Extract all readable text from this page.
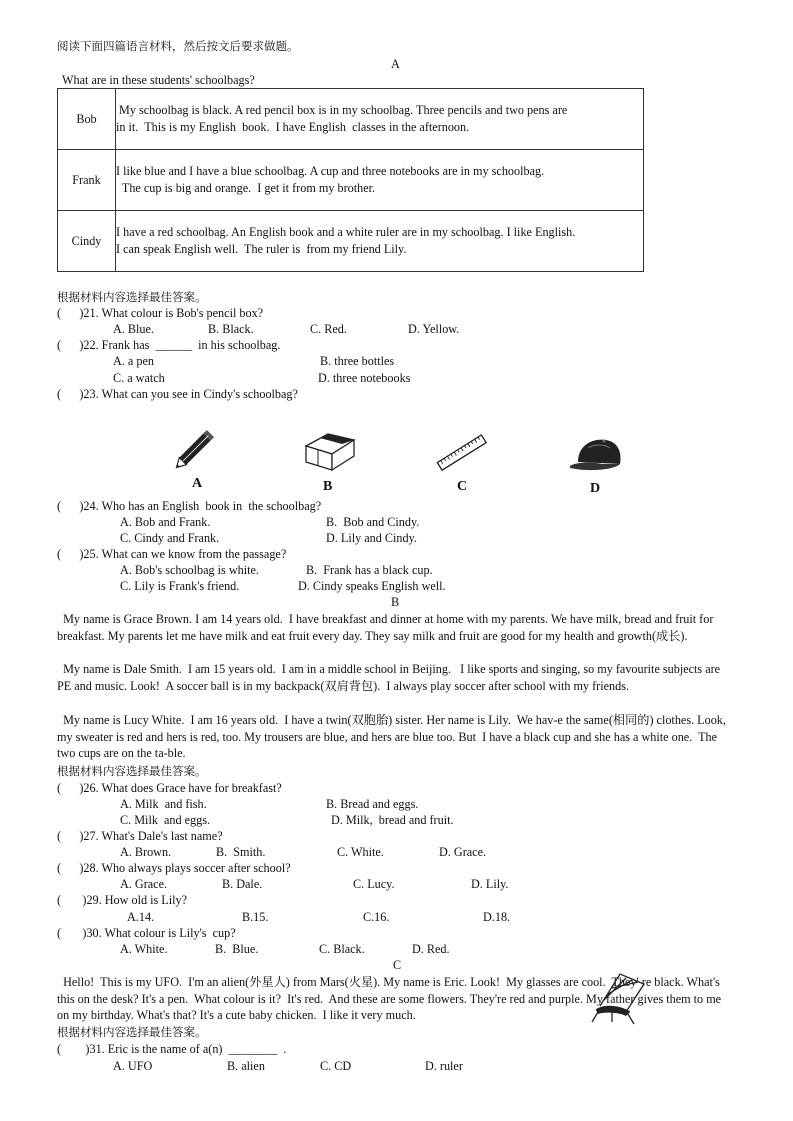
阅读下面四篇语言材料，然后按文后要求做题。
A
What are in these students' schoolbags?
Bob	My schoolbag is black. A red pencil box is in my schoolbag. Three pencils and two pens are
in it.  This is my English  book.  I have English  classes in the afternoon.

Frank	I like blue and I have a blue schoolbag. A cup and three notebooks are in my schoolbag.
The cup is big and orange.  I get it from my brother.

Cindy	I have a red schoolbag. An English book and a white ruler are in my schoolbag. I like English.
I can speak English well.  The ruler is  from my friend Lily.
根据材料内容选择最佳答案。
(      )21. What colour is Bob's pencil box?
A. Blue.	B. Black.	C. Red.	D. Yellow.
(      )22. Frank has  ______  in his schoolbag.
A. a pen	B. three bottles
C. a watch	D. three notebooks
(      )23. What can you see in Cindy's schoolbag?
A	B	C	D
(      )24. Who has an English  book in  the schoolbag?
A. Bob and Frank.	B.  Bob and Cindy.
C. Cindy and Frank.	D. Lily and Cindy.
(      )25. What can we know from the passage?
A. Bob's schoolbag is white.	B.  Frank has a black cup.
C. Lily is Frank's friend.	D. Cindy speaks English well.
B
My name is Grace Brown. I am 14 years old.  I have breakfast and dinner at home with my parents. We have milk, bread and fruit for breakfast. My parents let me have milk and eat fruit every day. They say milk and fruit are good for my health and growth(成长).
My name is Dale Smith.  I am 15 years old.  I am in a middle school in Beijing.   I like sports and singing, so my favourite subjects are PE and music. Look!  A soccer ball is in my backpack(双肩背包).  I always play soccer after school with my friends.
My name is Lucy White.  I am 16 years old.  I have a twin(双胞胎) sister. Her name is Lily.  We hav-e the same(相同的) clothes. Look, my sweater is red and hers is red, too. My trousers are blue, and hers are blue too. But  I have a black cup and she has a white one.  The two cups are on the ta-ble.
根据材料内容选择最佳答案。
(      )26. What does Grace have for breakfast?
A. Milk  and fish.	B. Bread and eggs.
C. Milk  and eggs.	D. Milk,  bread and fruit.
(      )27. What's Dale's last name?
A. Brown.	B.  Smith.	C. White.	D. Grace.
(      )28. Who always plays soccer after school?
A. Grace.	B. Dale.	C. Lucy.	D. Lily.
(       )29. How old is Lily?
A.14.	B.15.	C.16.	D.18.
(       )30. What colour is Lily's  cup?
A. White.	B.  Blue.	C. Black.	D. Red.
C
Hello!  This is my UFO.  I'm an alien(外星人) from Mars(火星). My name is Eric. Look!  My glasses are cool.  They' re black. What's this on the desk? It's a pen.  What colour is it?  It's red.  And these are some flowers. They're red and purple. My father gives them to me on my birthday. What's that? It's a cute baby chicken.  I like it very much.
根据材料内容选择最佳答案。
(        )31. Eric is the name of a(n)  ________  .
A. UFO	B. alien	C. CD	D. ruler
